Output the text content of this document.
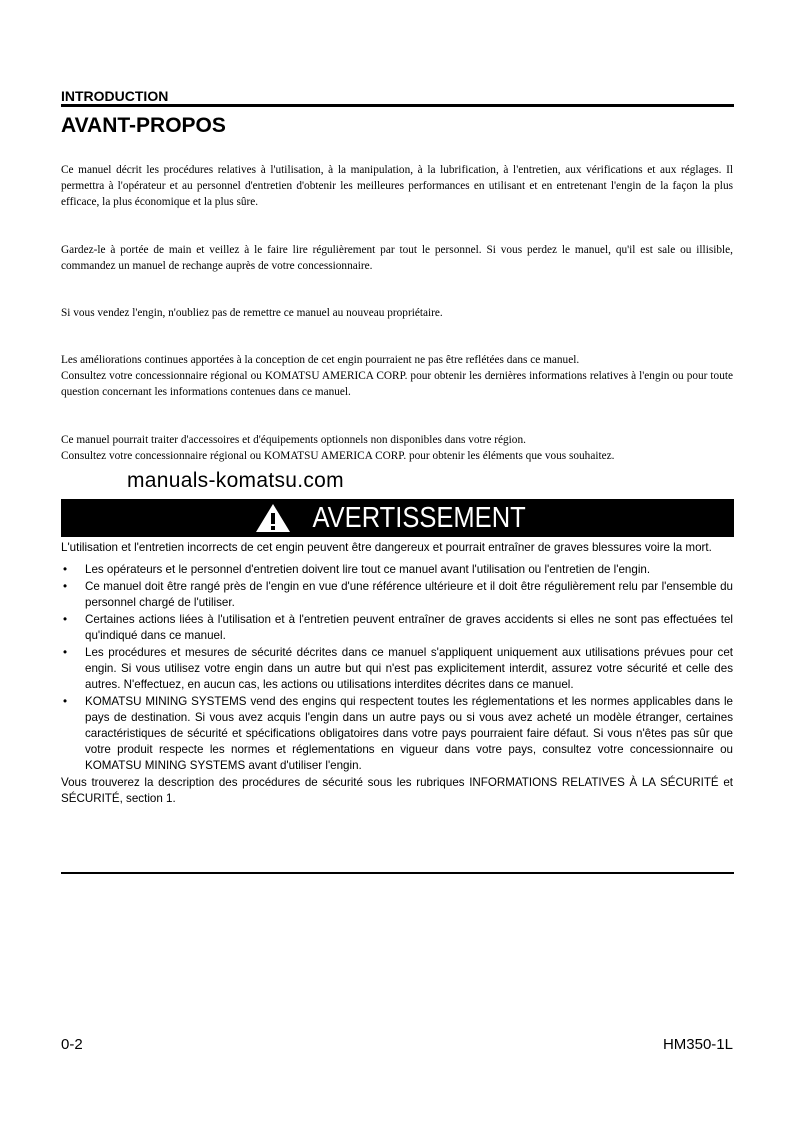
INTRODUCTION
AVANT-PROPOS

Ce manuel décrit les procédures relatives à l'utilisation, à la manipulation, à la lubrification, à l'entretien, aux vérifications et aux réglages. Il permettra à l'opérateur et au personnel d'entretien d'obtenir les meilleures performances en utilisant et en entretenant l'engin de la façon la plus efficace, la plus économique et la plus sûre.

Gardez-le à portée de main et veillez à le faire lire régulièrement par tout le personnel. Si vous perdez le manuel, qu'il est sale ou illisible, commandez un manuel de rechange auprès de votre concessionnaire.

Si vous vendez l'engin, n'oubliez pas de remettre ce manuel au nouveau propriétaire.

Les améliorations continues apportées à la conception de cet engin pourraient ne pas être reflétées dans ce manuel.

Consultez votre concessionnaire régional ou KOMATSU AMERICA CORP. pour obtenir les dernières informations relatives à l'engin ou pour toute question concernant les informations contenues dans ce manuel.

Ce manuel pourrait traiter d'accessoires et d'équipements optionnels non disponibles dans votre région.

Consultez votre concessionnaire régional ou KOMATSU AMERICA CORP. pour obtenir les éléments que vous souhaitez.

manuals-komatsu.com
AVERTISSEMENT

L'utilisation et l'entretien incorrects de cet engin peuvent être dangereux et pourrait entraîner de graves blessures voire la mort.

• Les opérateurs et le personnel d'entretien doivent lire tout ce manuel avant l'utilisation ou l'entretien de l'engin.
• Ce manuel doit être rangé près de l'engin en vue d'une référence ultérieure et il doit être régulièrement relu par l'ensemble du personnel chargé de l'utiliser.
• Certaines actions liées à l'utilisation et à l'entretien peuvent entraîner de graves accidents si elles ne sont pas effectuées tel qu'indiqué dans ce manuel.
• Les procédures et mesures de sécurité décrites dans ce manuel s'appliquent uniquement aux utilisations prévues pour cet engin. Si vous utilisez votre engin dans un autre but qui n'est pas explicitement interdit, assurez votre sécurité et celle des autres. N'effectuez, en aucun cas, les actions ou utilisations interdites décrites dans ce manuel.
• KOMATSU MINING SYSTEMS vend des engins qui respectent toutes les réglementations et les normes applicables dans le pays de destination. Si vous avez acquis l'engin dans un autre pays ou si vous avez acheté un modèle étranger, certaines caractéristiques de sécurité et spécifications obligatoires dans votre pays pourraient faire défaut. Si vous n'êtes pas sûr que votre produit respecte les normes et réglementations en vigueur dans votre pays, consultez votre concessionnaire ou KOMATSU MINING SYSTEMS avant d'utiliser l'engin.

Vous trouverez la description des procédures de sécurité sous les rubriques INFORMATIONS RELATIVES À LA SÉCURITÉ et SÉCURITÉ, section 1.

0-2	HM350-1L
